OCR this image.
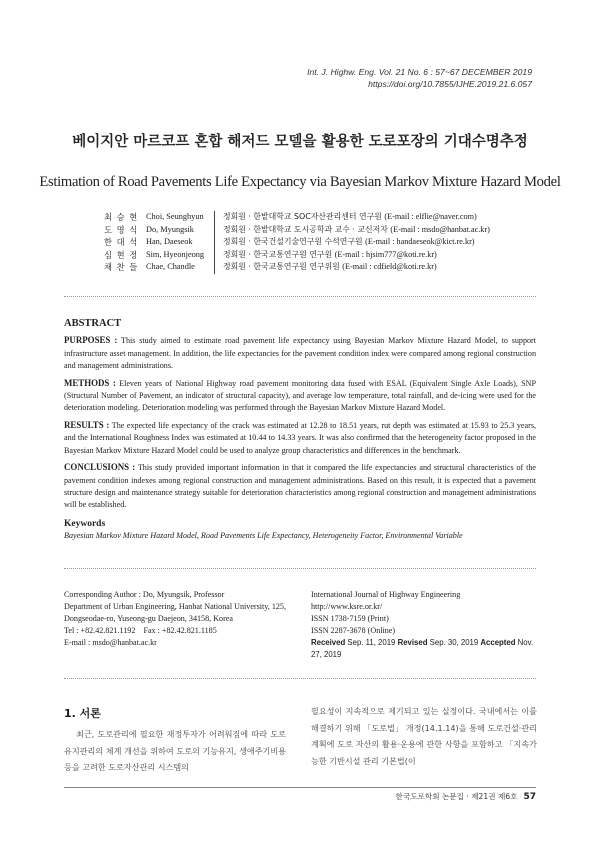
Int. J. Highw. Eng. Vol. 21 No. 6 : 57~67 DECEMBER 2019
https://doi.org/10.7855/IJHE.2019.21.6.057
베이지안 마르코프 혼합 해저드 모델을 활용한 도로포장의 기대수명추정
Estimation of Road Pavements Life Expectancy via Bayesian Markov Mixture Hazard Model
최 승 현 Choi, Seunghyun	정회원 · 한밭대학교 SOC자산관리센터 연구원 (E-mail : elflie@naver.com)
도 명 식 Do, Myungsik	정회원 · 한밭대학교 도시공학과 교수 · 교신저자 (E-mail : msdo@hanbat.ac.kr)
한 대 석 Han, Daeseok	정회원 · 한국건설기술연구원 수석연구원 (E-mail : handaeseok@kict.re.kr)
심 현 정 Sim, Hyeonjeong	정회원 · 한국교통연구원 연구원 (E-mail : hjsim777@koti.re.kr)
채 찬 들 Chae, Chandle	정회원 · 한국교통연구원 연구위원 (E-mail : cdfield@koti.re.kr)
ABSTRACT

PURPOSES : This study aimed to estimate road pavement life expectancy using Bayesian Markov Mixture Hazard Model, to support infrastructure asset management. In addition, the life expectancies for the pavement condition index were compared among regional construction and management administrations.

METHODS : Eleven years of National Highway road pavement monitoring data fused with ESAL (Equivalent Single Axle Loads), SNP (Structural Number of Pavement, an indicator of structural capacity), and average low temperature, total rainfall, and de-icing were used for the deterioration modeling. Deterioration modeling was performed through the Bayesian Markov Mixture Hazard Model.

RESULTS : The expected life expectancy of the crack was estimated at 12.28 to 18.51 years, rut depth was estimated at 15.93 to 25.3 years, and the International Roughness Index was estimated at 10.44 to 14.33 years. It was also confirmed that the heterogeneity factor proposed in the Bayesian Markov Mixture Hazard Model could be used to analyze group characteristics and differences in the benchmark.

CONCLUSIONS : This study provided important information in that it compared the life expectancies and structural characteristics of the pavement condition indexes among regional construction and management administrations. Based on this result, it is expected that a pavement structure design and maintenance strategy suitable for deterioration characteristics among regional construction and management administrations will be established.

Keywords
Bayesian Markov Mixture Hazard Model, Road Pavements Life Expectancy, Heterogeneity Factor, Environmental Variable
Corresponding Author : Do, Myungsik, Professor
Department of Urban Engineering, Hanbat National University, 125, Dongseodae-ro, Yuseong-gu Daejeon, 34158, Korea
Tel : +82.42.821.1192    Fax : +82.42.821.1185
E-mail : msdo@hanbat.ac.kr
International Journal of Highway Engineering
http://www.ksre.or.kr/
ISSN 1738-7159 (Print)
ISSN 2287-3678 (Online)
Received Sep. 11, 2019 Revised Sep. 30, 2019 Accepted Nov. 27, 2019
1. 서론
최근, 도로관리에 필요한 재정투자가 어려워짐에 따라 도로 유지관리의 체계 개선을 위하여 도로의 기능유지, 생애주기비용 등을 고려한 도로자산관리 시스템의
필요성이 지속적으로 제기되고 있는 실정이다. 국내에서는 이를 해결하기 위해 「도로법」 개정(14.1.14)을 통해 도로건설·관리계획에 도로 자산의 활용·운용에 관한 사항을 포함하고 「지속가능한 기반시설 관리 기본법(이
한국도로학회 논문집 · 제21권 제6호 57
